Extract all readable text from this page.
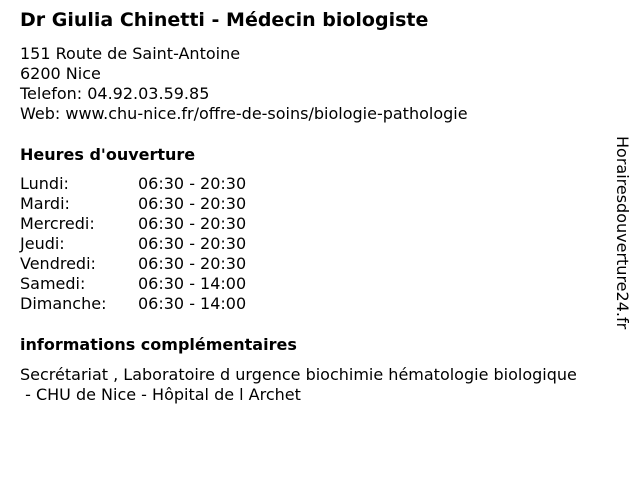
Dr Giulia Chinetti - Médecin biologiste
151 Route de Saint-Antoine
6200 Nice
Telefon: 04.92.03.59.85
Web: www.chu-nice.fr/offre-de-soins/biologie-pathologie
Heures d'ouverture
Lundi:	06:30 - 20:30
Mardi:	06:30 - 20:30
Mercredi:	06:30 - 20:30
Jeudi:	06:30 - 20:30
Vendredi:	06:30 - 20:30
Samedi:	06:30 - 14:00
Dimanche:	06:30 - 14:00
informations complémentaires
Secrétariat , Laboratoire d urgence biochimie hématologie biologique
- CHU de Nice - Hôpital de l Archet
Horairesdouverture24.fr
